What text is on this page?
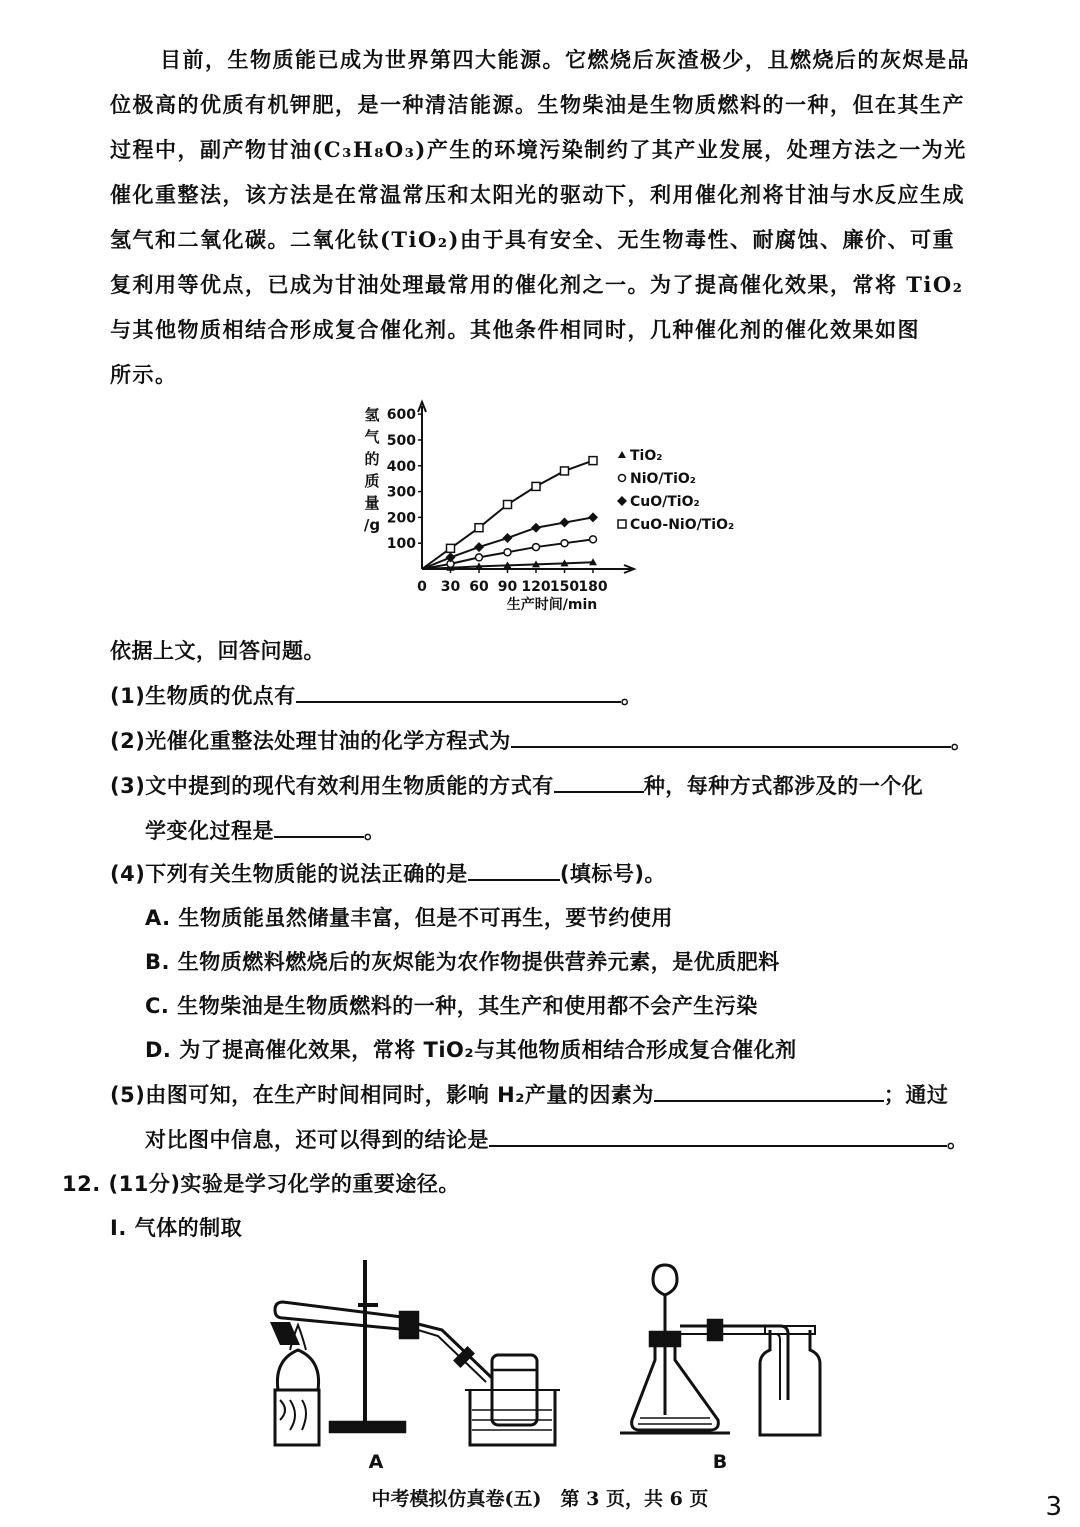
目前，生物质能已成为世界第四大能源。它燃烧后灰渣极少，且燃烧后的灰烬是品
位极高的优质有机钾肥，是一种清洁能源。生物柴油是生物质燃料的一种，但在其生产
过程中，副产物甘油(C₃H₈O₃)产生的环境污染制约了其产业发展，处理方法之一为光
催化重整法，该方法是在常温常压和太阳光的驱动下，利用催化剂将甘油与水反应生成
氢气和二氧化碳。二氧化钛(TiO₂)由于具有安全、无生物毒性、耐腐蚀、廉价、可重
复利用等优点，已成为甘油处理最常用的催化剂之一。为了提高催化效果，常将 TiO₂
与其他物质相结合形成复合催化剂。其他条件相同时，几种催化剂的催化效果如图
所示。
100
200
300
400
500
600
0 30 60 90 120 150 180
氢
气
的
质
量
/g
生产时间/min
TiO₂
NiO/TiO₂
CuO/TiO₂
CuO-NiO/TiO₂
依据上文，回答问题。
(1)生物质的优点有	。
(2)光催化重整法处理甘油的化学方程式为	。
(3)文中提到的现代有效利用生物质能的方式有	种，每种方式都涉及的一个化
学变化过程是	。
(4)下列有关生物质能的说法正确的是	(填标号)。
A. 生物质能虽然储量丰富，但是不可再生，要节约使用
B. 生物质燃料燃烧后的灰烬能为农作物提供营养元素，是优质肥料
C. 生物柴油是生物质燃料的一种，其生产和使用都不会产生污染
D. 为了提高催化效果，常将 TiO₂与其他物质相结合形成复合催化剂
(5)由图可知，在生产时间相同时，影响 H₂产量的因素为	；通过
对比图中信息，还可以得到的结论是	。
12. (11分)实验是学习化学的重要途径。
Ⅰ. 气体的制取
A	B
中考模拟仿真卷(五)　第 3 页，共 6 页	3
